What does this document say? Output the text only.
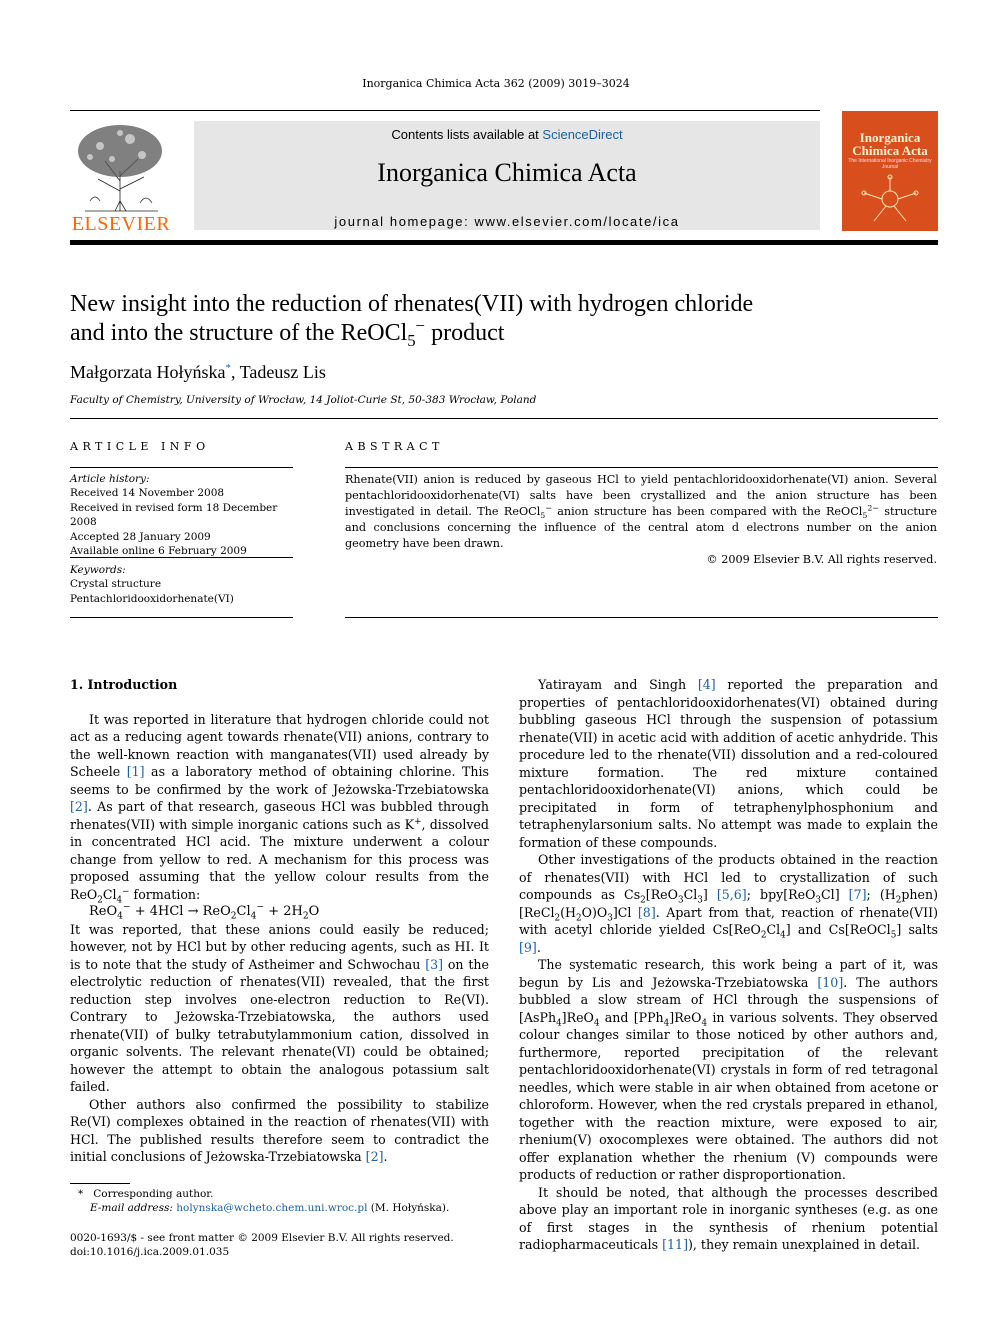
Inorganica Chimica Acta 362 (2009) 3019–3024
ELSEVIER
Contents lists available at ScienceDirect
Inorganica Chimica Acta
journal homepage: www.elsevier.com/locate/ica
Inorganica
Chimica Acta
The International Inorganic Chemistry Journal
New insight into the reduction of rhenates(VII) with hydrogen chloride
and into the structure of the ReOCl$_5$− product
Małgorzata Hołyńska*, Tadeusz Lis
Faculty of Chemistry, University of Wrocław, 14 Joliot-Curie St, 50-383 Wrocław, Poland
ARTICLE INFO
Article history:
Received 14 November 2008
Received in revised form 18 December 2008
Accepted 28 January 2009
Available online 6 February 2009
Keywords:
Crystal structure
Pentachloridooxidorhenate(VI)
ABSTRACT
Rhenate(VII) anion is reduced by gaseous HCl to yield pentachloridooxidorhenate(VI) anion. Several pentachloridooxidorhenate(VI) salts have been crystallized and the anion structure has been investigated in detail. The ReOCl$_5$− anion structure has been compared with the ReOCl$_5^{2-}$ structure and conclusions concerning the influence of the central atom d electrons number on the anion geometry have been drawn.
© 2009 Elsevier B.V. All rights reserved.
1. Introduction

It was reported in literature that hydrogen chloride could not act as a reducing agent towards rhenate(VII) anions, contrary to the well-known reaction with manganates(VII) used already by Scheele [1] as a laboratory method of obtaining chlorine. This seems to be confirmed by the work of Jeżowska-Trzebiatowska [2]. As part of that research, gaseous HCl was bubbled through rhenates(VII) with simple inorganic cations such as K+, dissolved in concentrated HCl acid. The mixture underwent a colour change from yellow to red. A mechanism for this process was proposed assuming that the yellow colour results from the $ReO_2Cl_4^-$ formation:

$ReO_4^- + 4HCl \to ReO_2Cl_4^- + 2H_2O$

It was reported, that these anions could easily be reduced; however, not by HCl but by other reducing agents, such as HI. It is to note that the study of Astheimer and Schwochau [3] on the electrolytic reduction of rhenates(VII) revealed, that the first reduction step involves one-electron reduction to Re(VI). Contrary to Jeżowska-Trzebiatowska, the authors used rhenate(VII) of bulky tetrabutylammonium cation, dissolved in organic solvents. The relevant rhenate(VI) could be obtained; however the attempt to obtain the analogous potassium salt failed.

Other authors also confirmed the possibility to stabilize Re(VI) complexes obtained in the reaction of rhenates(VII) with HCl. The published results therefore seem to contradict the initial conclusions of Jeżowska-Trzebiatowska [2].

Yatirayam and Singh [4] reported the preparation and properties of pentachloridooxidorhenates(VI) obtained during bubbling gaseous HCl through the suspension of potassium rhenate(VII) in acetic acid with addition of acetic anhydride. This procedure led to the rhenate(VII) dissolution and a red-coloured mixture formation. The red mixture contained pentachloridooxidorhenate(VI) anions, which could be precipitated in form of tetraphenylphosphonium and tetraphenylarsonium salts. No attempt was made to explain the formation of these compounds.

Other investigations of the products obtained in the reaction of rhenates(VII) with HCl led to crystallization of such compounds as $Cs_2[ReO_3Cl_3]$ [5,6]; bpy[ReO$_3$Cl] [7]; $(H_2phen)[ReCl_2(H_2O)O_3]Cl$ [8]. Apart from that, reaction of rhenate(VII) with acetyl chloride yielded $Cs[ReO_2Cl_4]$ and Cs[ReOCl$_5$] salts [9].

The systematic research, this work being a part of it, was begun by Lis and Jeżowska-Trzebiatowska [10]. The authors bubbled a slow stream of HCl through the suspensions of [AsPh$_4$]ReO$_4$ and [PPh$_4$]ReO$_4$ in various solvents. They observed colour changes similar to those noticed by other authors and, furthermore, reported precipitation of the relevant pentachloridooxidorhenate(VI) crystals in form of red tetragonal needles, which were stable in air when obtained from acetone or chloroform. However, when the red crystals prepared in ethanol, together with the reaction mixture, were exposed to air, rhenium(V) oxocomplexes were obtained. The authors did not offer explanation whether the rhenium (V) compounds were products of reduction or rather disproportionation.

It should be noted, that although the processes described above play an important role in inorganic syntheses (e.g. as one of first stages in the synthesis of rhenium potential radiopharmaceuticals [11]), they remain unexplained in detail.

* Corresponding author.
E-mail address: holynska@wcheto.chem.uni.wroc.pl (M. Hołyńska).
0020-1693/$ - see front matter © 2009 Elsevier B.V. All rights reserved.
doi:10.1016/j.ica.2009.01.035
